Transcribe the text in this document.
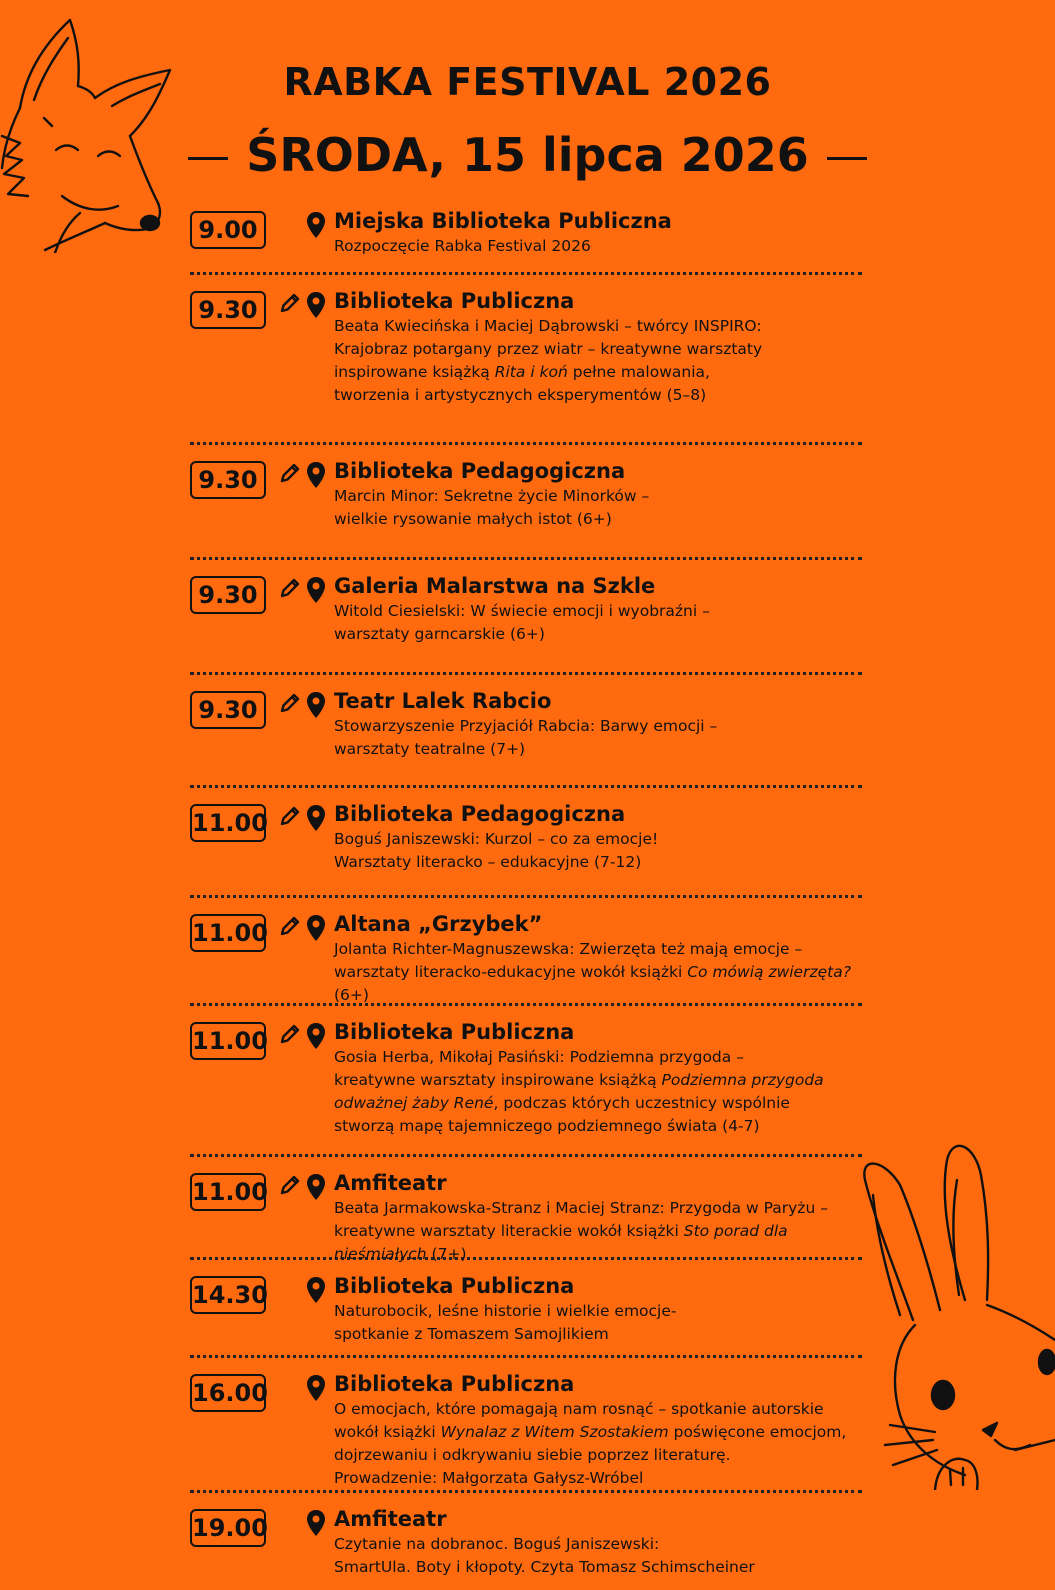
RABKA FESTIVAL 2026
ŚRODA, 15 lipca 2026
9.00	Miejska Biblioteka Publiczna
Rozpoczęcie Rabka Festival 2026
9.30	Biblioteka Publiczna
Beata Kwiecińska i Maciej Dąbrowski – twórcy INSPIRO:
Krajobraz potargany przez wiatr – kreatywne warsztaty
inspirowane książką Rita i koń pełne malowania,
tworzenia i artystycznych eksperymentów (5–8)
9.30	Biblioteka Pedagogiczna
Marcin Minor: Sekretne życie Minorków –
wielkie rysowanie małych istot (6+)
9.30	Galeria Malarstwa na Szkle
Witold Ciesielski: W świecie emocji i wyobraźni –
warsztaty garncarskie (6+)
9.30	Teatr Lalek Rabcio
Stowarzyszenie Przyjaciół Rabcia: Barwy emocji –
warsztaty teatralne (7+)
11.00	Biblioteka Pedagogiczna
Boguś Janiszewski: Kurzol – co za emocje!
Warsztaty literacko – edukacyjne (7-12)
11.00	Altana „Grzybek”
Jolanta Richter-Magnuszewska: Zwierzęta też mają emocje –
warsztaty literacko-edukacyjne wokół książki Co mówią zwierzęta? (6+)
11.00	Biblioteka Publiczna
Gosia Herba, Mikołaj Pasiński: Podziemna przygoda –
kreatywne warsztaty inspirowane książką Podziemna przygoda
odważnej żaby René, podczas których uczestnicy wspólnie
stworzą mapę tajemniczego podziemnego świata (4-7)
11.00	Amfiteatr
Beata Jarmakowska-Stranz i Maciej Stranz: Przygoda w Paryżu –
kreatywne warsztaty literackie wokół książki Sto porad dla nieśmiałych (7+)
14.30	Biblioteka Publiczna
Naturobocik, leśne historie i wielkie emocje-
spotkanie z Tomaszem Samojlikiem
16.00	Biblioteka Publiczna
O emocjach, które pomagają nam rosnąć – spotkanie autorskie
wokół książki Wynalaz z Witem Szostakiem poświęcone emocjom,
dojrzewaniu i odkrywaniu siebie poprzez literaturę.
Prowadzenie: Małgorzata Gałysz-Wróbel
19.00	Amfiteatr
Czytanie na dobranoc. Boguś Janiszewski:
SmartUla. Boty i kłopoty. Czyta Tomasz Schimscheiner
